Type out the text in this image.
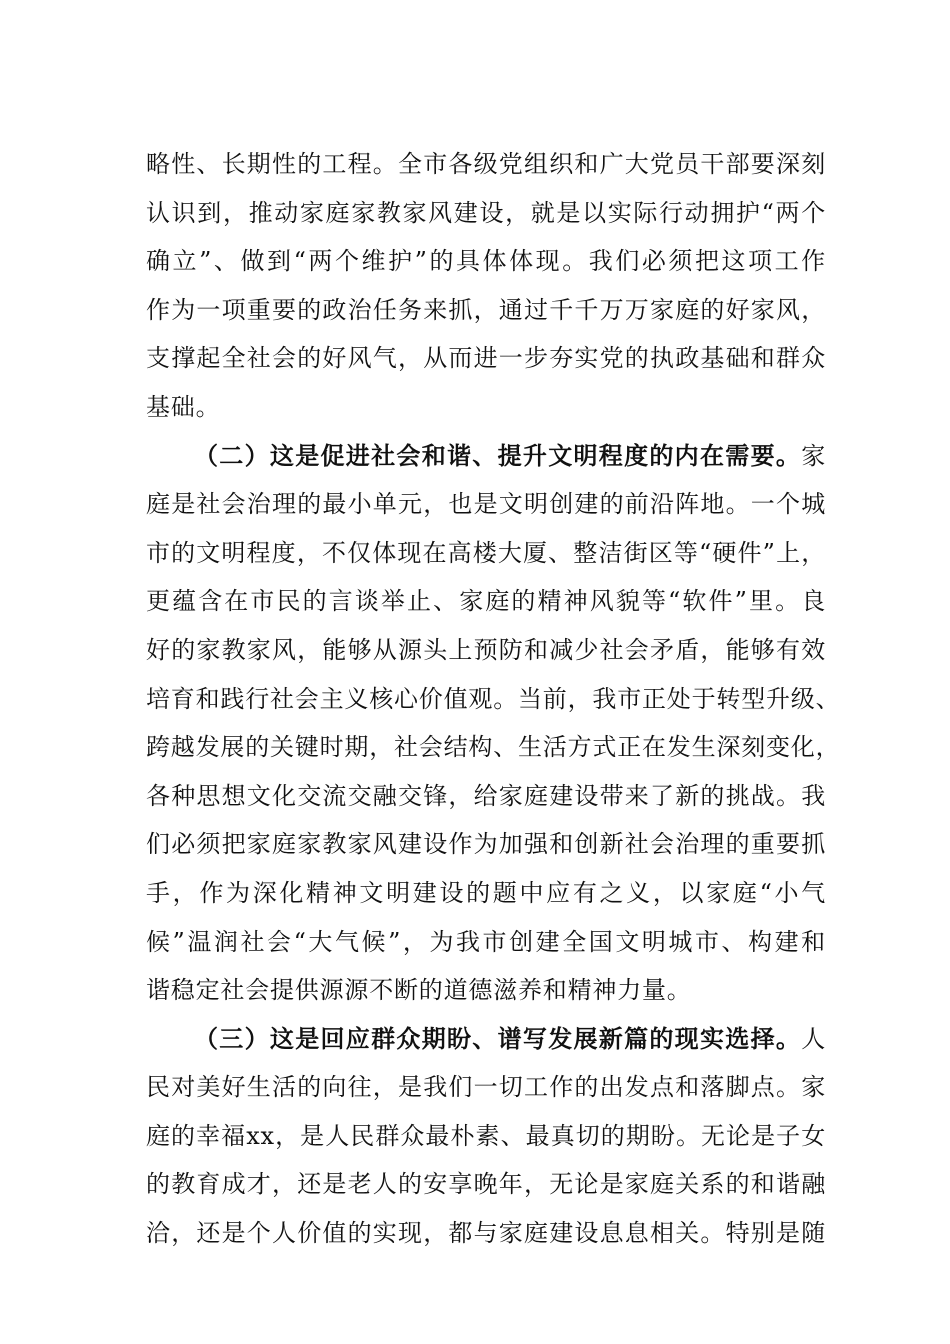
略性、长期性的工程。全市各级党组织和广大党员干部要深刻
认识到，推动家庭家教家风建设，就是以实际行动拥护“两个
确立”、做到“两个维护”的具体体现。我们必须把这项工作
作为一项重要的政治任务来抓，通过千千万万家庭的好家风，
支撑起全社会的好风气，从而进一步夯实党的执政基础和群众
基础。
（二）这是促进社会和谐、提升文明程度的内在需要。家
庭是社会治理的最小单元，也是文明创建的前沿阵地。一个城
市的文明程度，不仅体现在高楼大厦、整洁街区等“硬件”上，
更蕴含在市民的言谈举止、家庭的精神风貌等“软件”里。良
好的家教家风，能够从源头上预防和减少社会矛盾，能够有效
培育和践行社会主义核心价值观。当前，我市正处于转型升级、
跨越发展的关键时期，社会结构、生活方式正在发生深刻变化，
各种思想文化交流交融交锋，给家庭建设带来了新的挑战。我
们必须把家庭家教家风建设作为加强和创新社会治理的重要抓
手，作为深化精神文明建设的题中应有之义，以家庭“小气
候”温润社会“大气候”，为我市创建全国文明城市、构建和
谐稳定社会提供源源不断的道德滋养和精神力量。
（三）这是回应群众期盼、谱写发展新篇的现实选择。人
民对美好生活的向往，是我们一切工作的出发点和落脚点。家
庭的幸福xx，是人民群众最朴素、最真切的期盼。无论是子女
的教育成才，还是老人的安享晚年，无论是家庭关系的和谐融
洽，还是个人价值的实现，都与家庭建设息息相关。特别是随
